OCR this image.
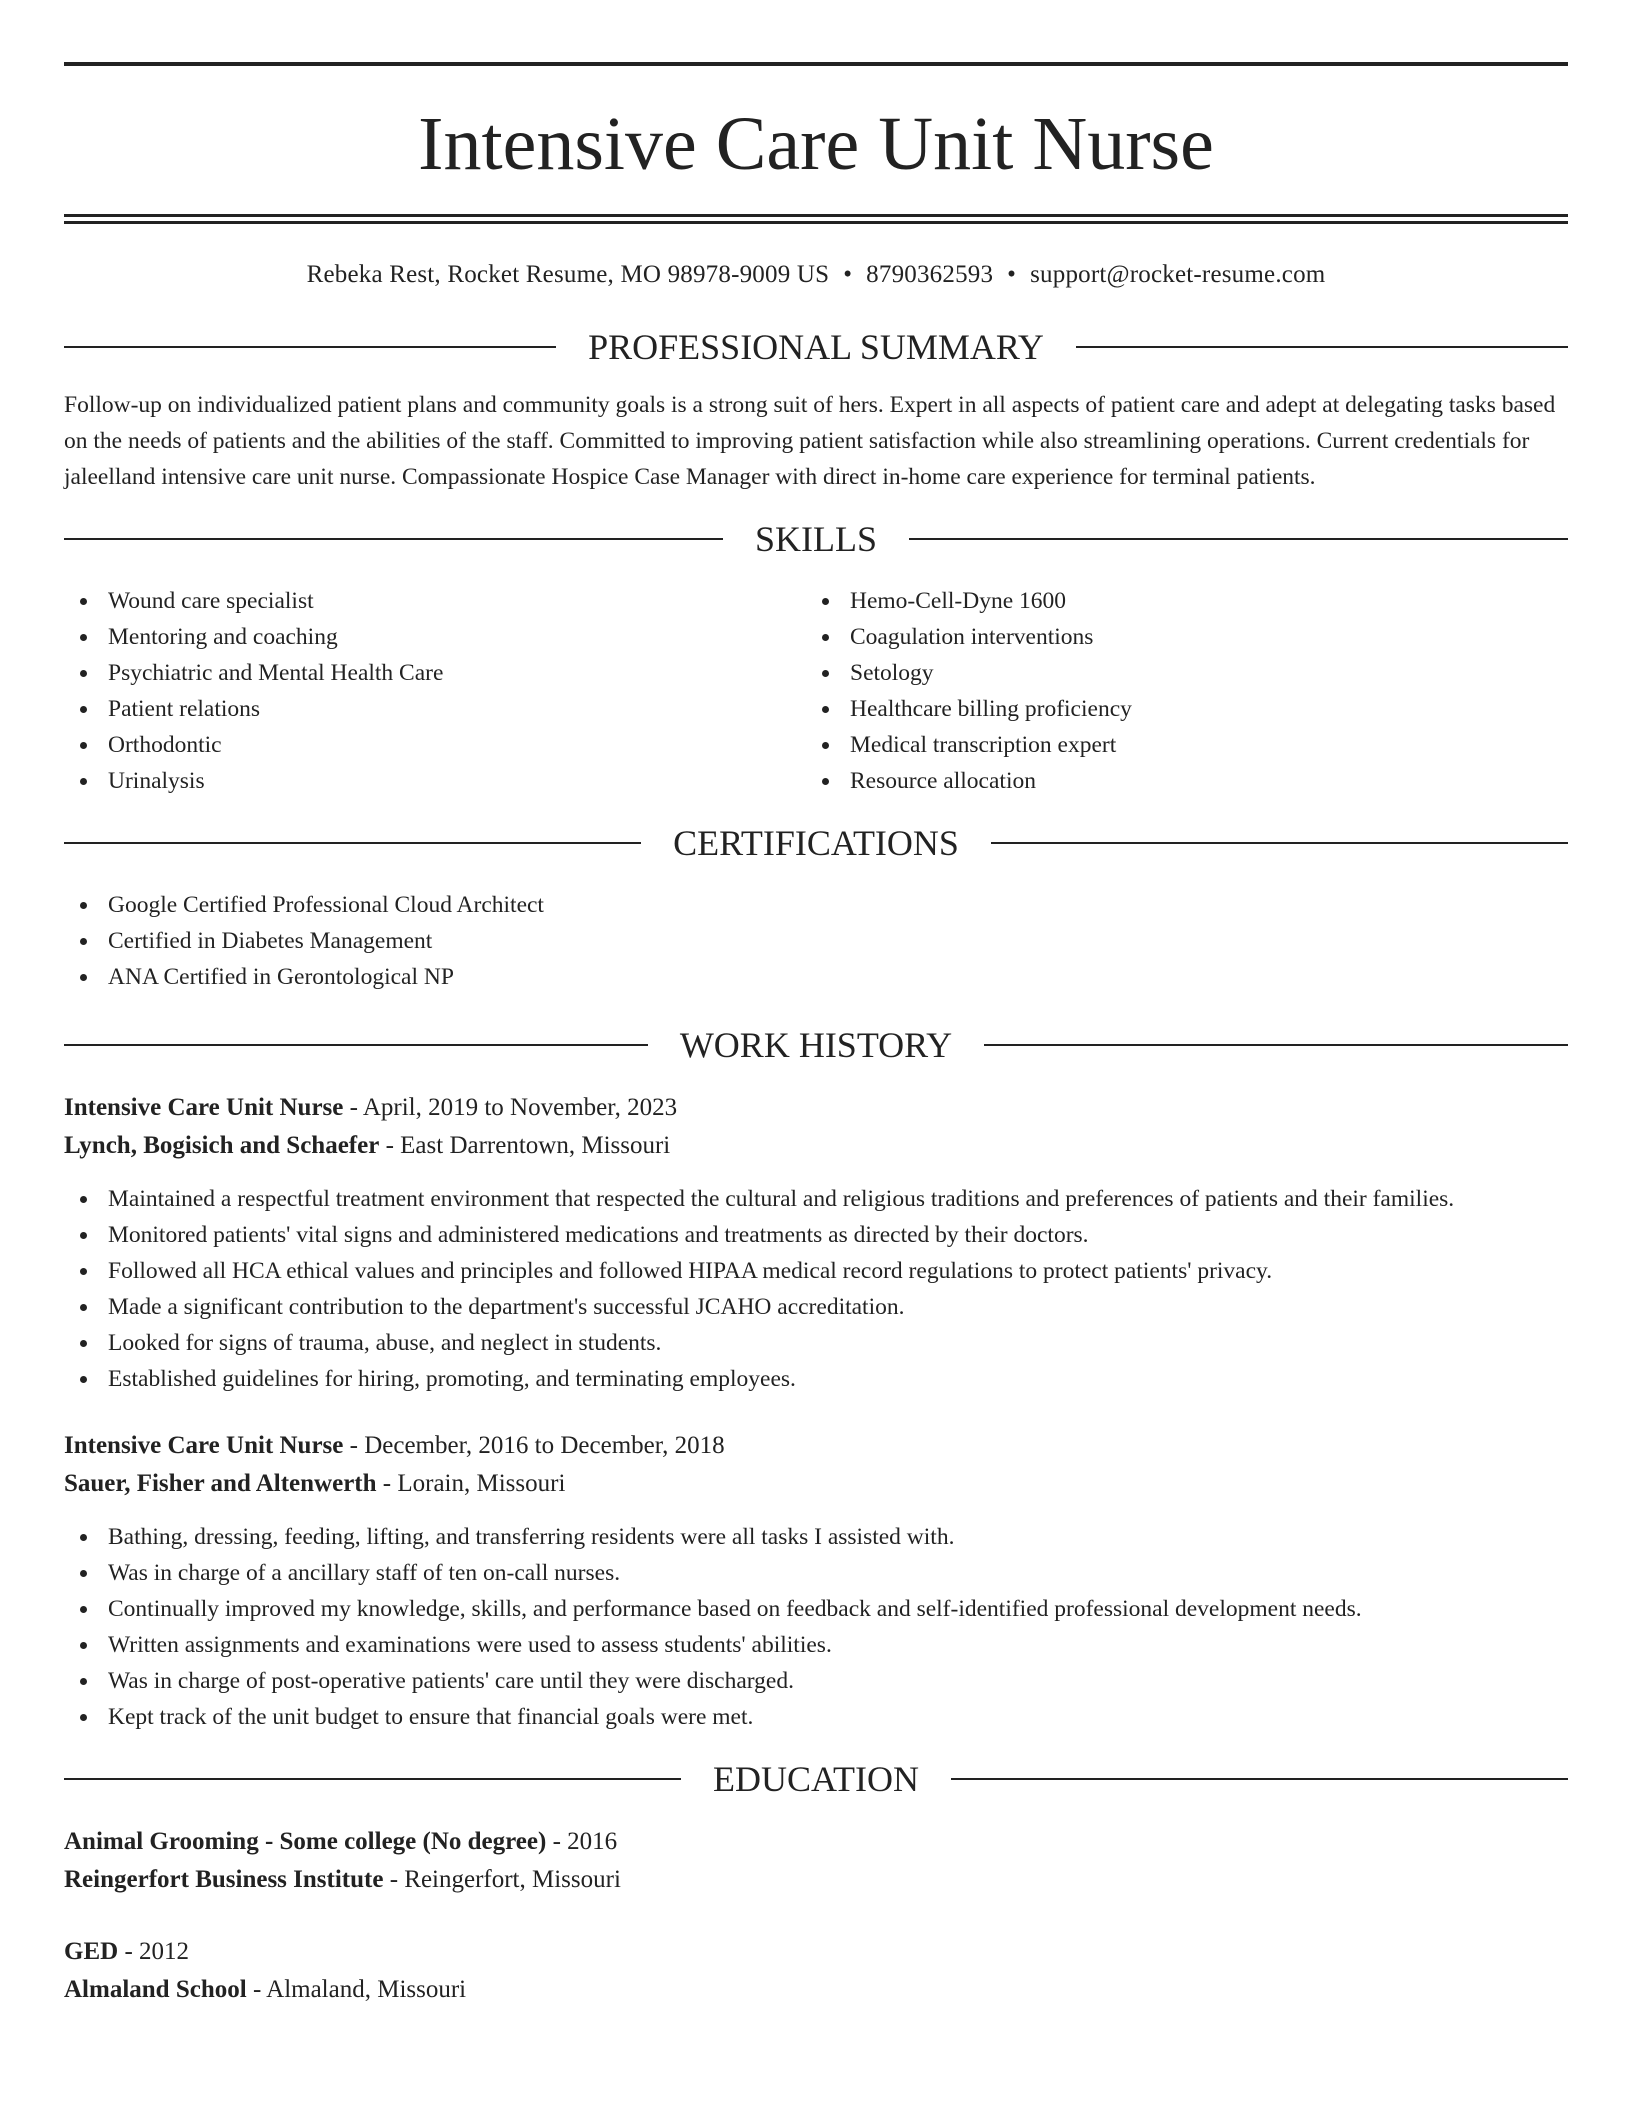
Intensive Care Unit Nurse
Rebeka Rest, Rocket Resume, MO 98978-9009 US • 8790362593 • support@rocket-resume.com
PROFESSIONAL SUMMARY
Follow-up on individualized patient plans and community goals is a strong suit of hers. Expert in all aspects of patient care and adept at delegating tasks based on the needs of patients and the abilities of the staff. Committed to improving patient satisfaction while also streamlining operations. Current credentials for jaleelland intensive care unit nurse. Compassionate Hospice Case Manager with direct in-home care experience for terminal patients.
SKILLS
Wound care specialist
Mentoring and coaching
Psychiatric and Mental Health Care
Patient relations
Orthodontic
Urinalysis
Hemo-Cell-Dyne 1600
Coagulation interventions
Setology
Healthcare billing proficiency
Medical transcription expert
Resource allocation
CERTIFICATIONS
Google Certified Professional Cloud Architect
Certified in Diabetes Management
ANA Certified in Gerontological NP
WORK HISTORY
Intensive Care Unit Nurse - April, 2019 to November, 2023
Lynch, Bogisich and Schaefer - East Darrentown, Missouri
Maintained a respectful treatment environment that respected the cultural and religious traditions and preferences of patients and their families.
Monitored patients' vital signs and administered medications and treatments as directed by their doctors.
Followed all HCA ethical values and principles and followed HIPAA medical record regulations to protect patients' privacy.
Made a significant contribution to the department's successful JCAHO accreditation.
Looked for signs of trauma, abuse, and neglect in students.
Established guidelines for hiring, promoting, and terminating employees.
Intensive Care Unit Nurse - December, 2016 to December, 2018
Sauer, Fisher and Altenwerth - Lorain, Missouri
Bathing, dressing, feeding, lifting, and transferring residents were all tasks I assisted with.
Was in charge of a ancillary staff of ten on-call nurses.
Continually improved my knowledge, skills, and performance based on feedback and self-identified professional development needs.
Written assignments and examinations were used to assess students' abilities.
Was in charge of post-operative patients' care until they were discharged.
Kept track of the unit budget to ensure that financial goals were met.
EDUCATION
Animal Grooming - Some college (No degree) - 2016
Reingerfort Business Institute - Reingerfort, Missouri
GED - 2012
Almaland School - Almaland, Missouri
